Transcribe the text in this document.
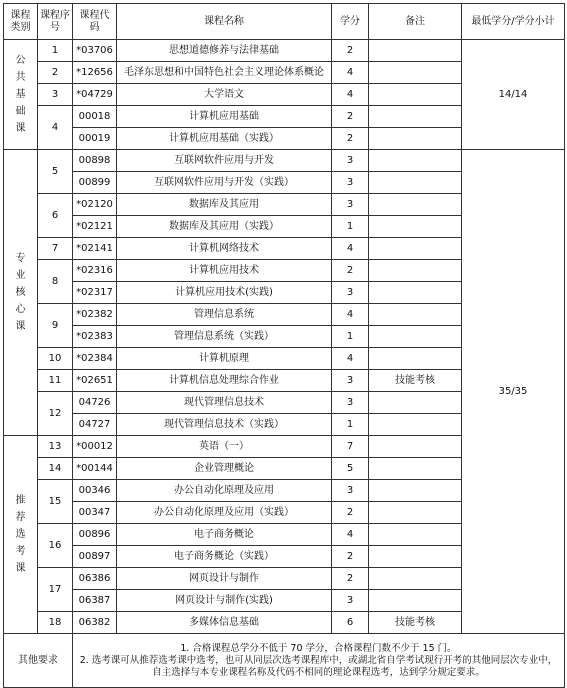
课程类别	课程序号	课程代码	课程名称	学分	备注	最低学分/学分小计

公共基础课	1	*03706	思想道德修养与法律基础	2		14/14
	2	*12656	毛泽东思想和中国特色社会主义理论体系概论	4		
	3	*04729	大学语文	4		
	4	00018	计算机应用基础	2		
		00019	计算机应用基础（实践）	2		

专业核心课	5	00898	互联网软件应用与开发	3		35/35
		00899	互联网软件应用与开发（实践）	3		
	6	*02120	数据库及其应用	3		
		*02121	数据库及其应用（实践）	1		
	7	*02141	计算机网络技术	4		
	8	*02316	计算机应用技术	2		
		*02317	计算机应用技术(实践)	3		
	9	*02382	管理信息系统	4		
		*02383	管理信息系统（实践）	1		
	10	*02384	计算机原理	4		
	11	*02651	计算机信息处理综合作业	3	技能考核	
	12	04726	现代管理信息技术	3		
		04727	现代管理信息技术（实践）	1		

推荐选考课	13	*00012	英语（一）	7		
	14	*00144	企业管理概论	5		
	15	00346	办公自动化原理及应用	3		
		00347	办公自动化原理及应用（实践）	2		
	16	00896	电子商务概论	4		
		00897	电子商务概论（实践）	2		
	17	06386	网页设计与制作	2		
		06387	网页设计与制作(实践)	3		
	18	06382	多媒体信息基础	6	技能考核	
其他要求		1. 合格课程总学分不低于 70 学分，合格课程门数不少于 15 门。
2. 选考课可从推荐选考课中选考，也可从同层次选考课程库中，或湖北省自学考试现行开考的其他同层次专业中，自主选择与本专业课程名称及代码不相同的理论课程选考，达到学分规定要求。				
